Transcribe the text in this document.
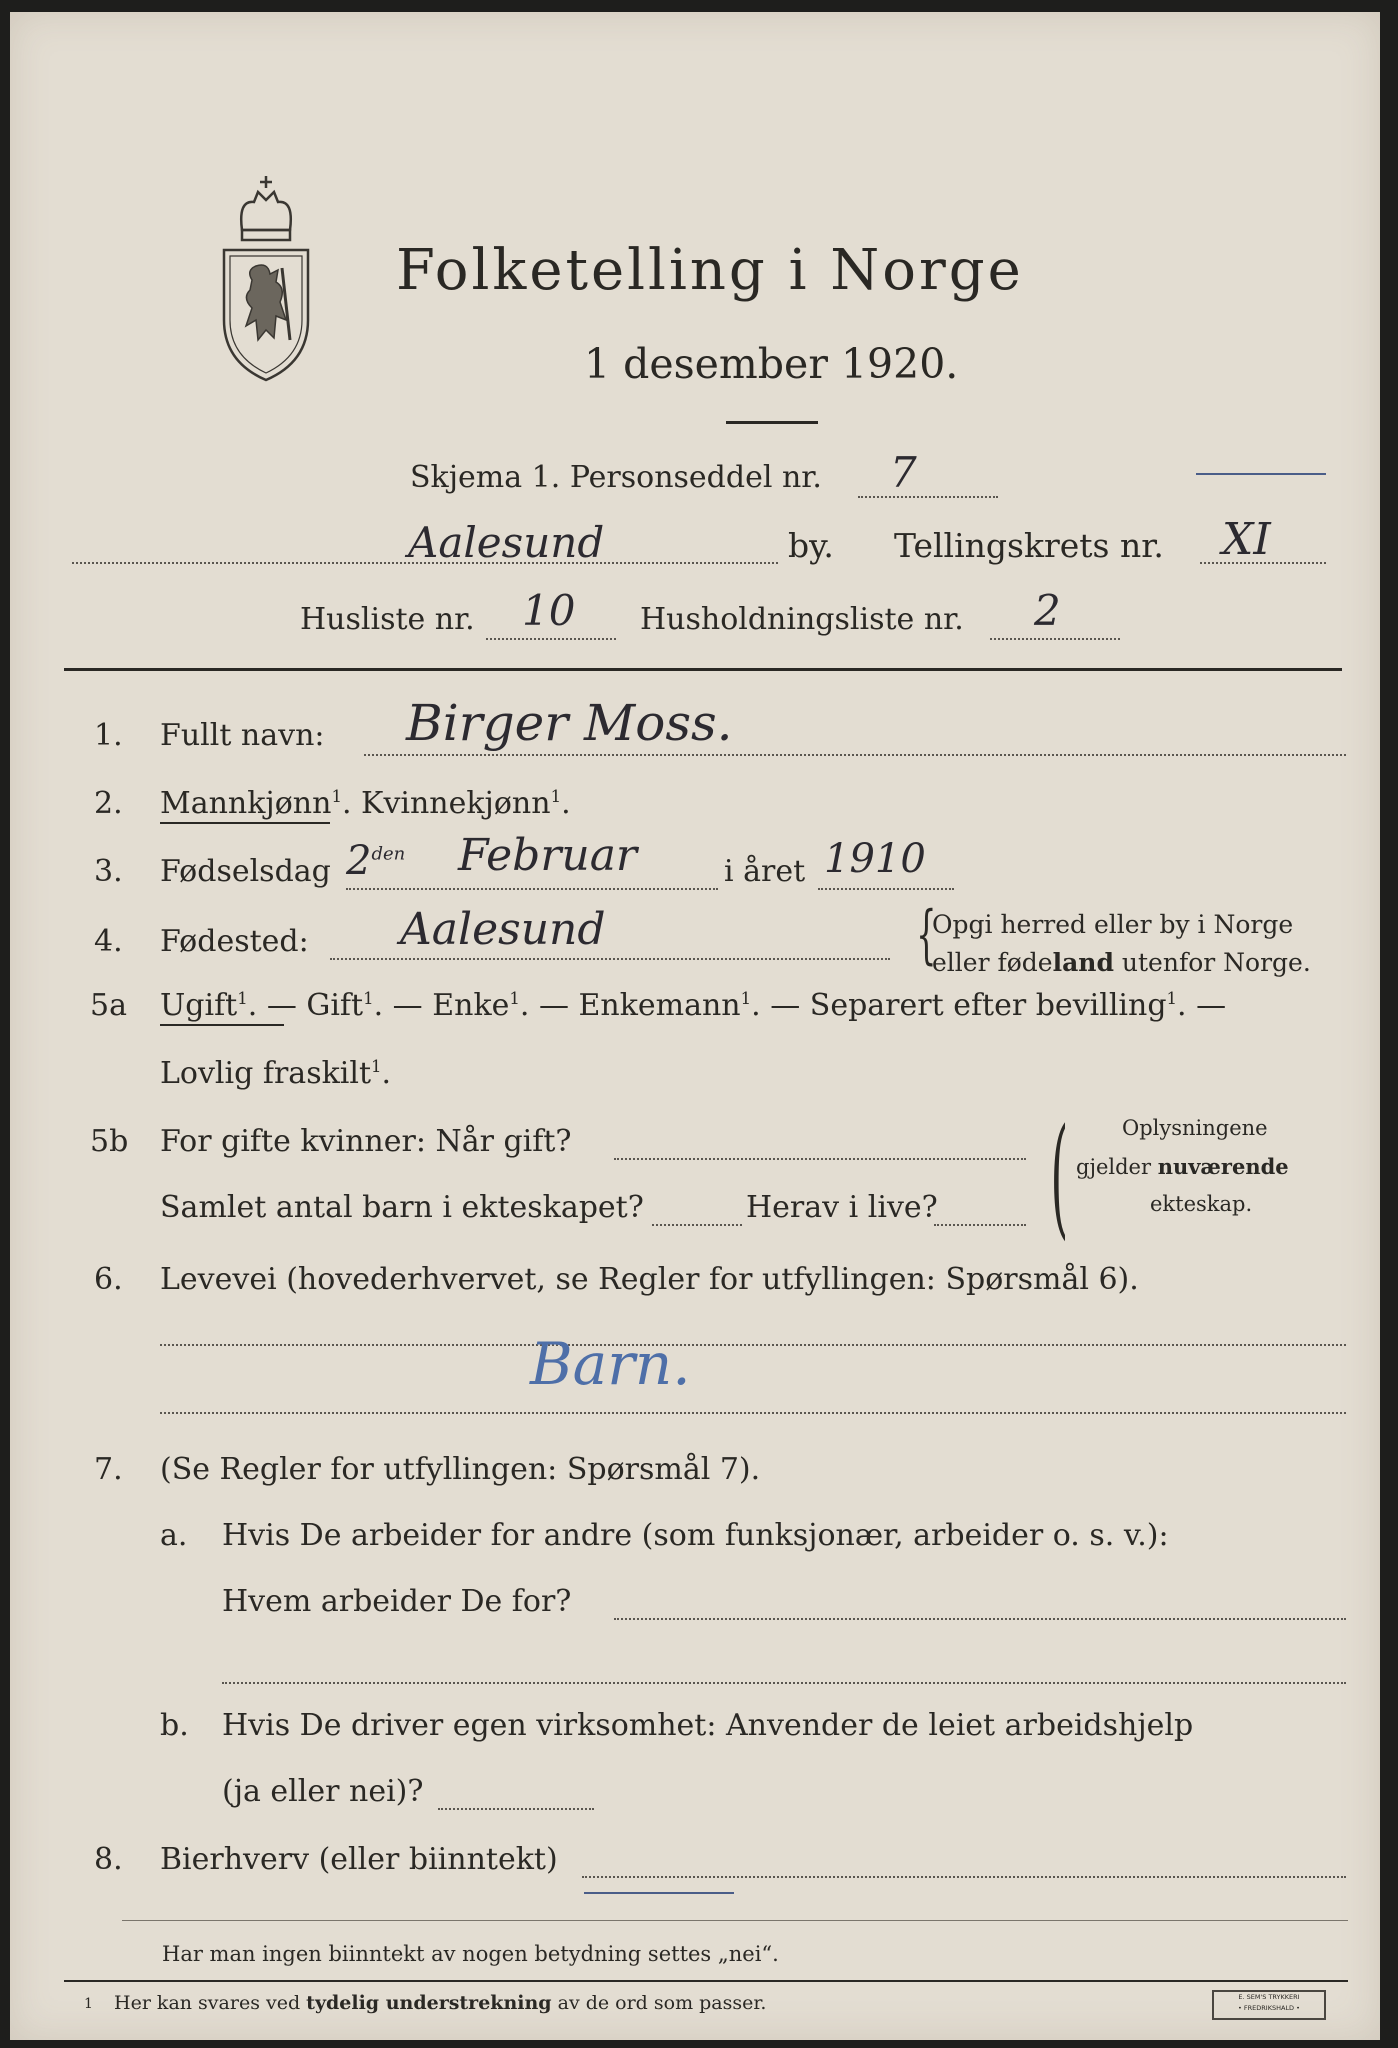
Folketelling i Norge
1 desember 1920.
Skjema 1. Personseddel nr. 7
Aalesund	by. Tellingskrets nr. XI
Husliste nr. 10 Husholdningsliste nr. 2
1. Fullt navn: Birger Moss.
2. Mannkjønn$^1$. Kvinnekjønn$^1$.
3. Fødselsdag $2^{den}$ Februar	i året 1910
4. Fødested: Aalesund	{
Opgi herred eller by i Norge
eller fødeland utenfor Norge.
5a Ugift$^1$. — Gift$^1$. — Enke$^1$. — Enkemann$^1$. — Separert efter bevilling$^1$. —
Lovlig fraskilt$^1$.
5b For gifte kvinner: Når gift?
Samlet antal barn i ekteskapet?	Herav i live? (	Oplysningene
gjelder nuværende
ekteskap.
6. Levevei (hovederhvervet, se Regler for utfyllingen: Spørsmål 6).
Barn.
7. (Se Regler for utfyllingen: Spørsmål 7).
a. Hvis De arbeider for andre (som funksjonær, arbeider o. s. v.):
Hvem arbeider De for?
b. Hvis De driver egen virksomhet: Anvender de leiet arbeidshjelp
(ja eller nei)?
8. Bierhverv (eller biinntekt)
Har man ingen biinntekt av nogen betydning settes „nei“.
1 Her kan svares ved tydelig understrekning av de ord som passer.	E. SEM'S TRYKKERI
• FREDRIKSHALD •
